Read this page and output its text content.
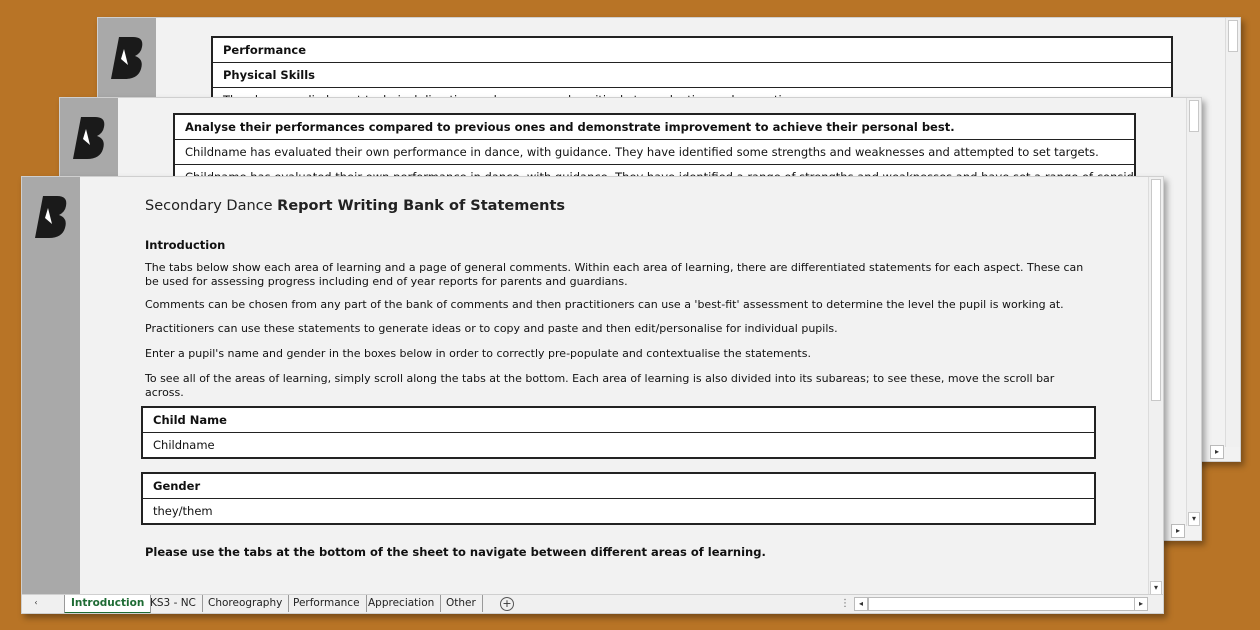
Performance
Physical Skills
▸
Analyse their performances compared to previous ones and demonstrate improvement to achieve their personal best.
Childname has evaluated their own performance in dance, with guidance. They have identified some strengths and weaknesses and attempted to set targets.
▾
▸
Secondary Dance Report Writing Bank of Statements
Introduction
The tabs below show each area of learning and a page of general comments. Within each area of learning, there are differentiated statements for each aspect. These can be used for assessing progress including end of year reports for parents and guardians.
Comments can be chosen from any part of the bank of comments and then practitioners can use a 'best-fit' assessment to determine the level the pupil is working at.
Practitioners can use these statements to generate ideas or to copy and paste and then edit/personalise for individual pupils.
Enter a pupil's name and gender in the boxes below in order to correctly pre-populate and contextualise the statements.
To see all of the areas of learning, simply scroll along the tabs at the bottom. Each area of learning is also divided into its subareas; to see these, move the scroll bar across.
Child Name
Childname
Gender
they/them
Please use the tabs at the bottom of the sheet to navigate between different areas of learning.
▾
‹	Introduction KS3 - NC	Choreography	Performance Appreciation	Other	+	⋮	◂	▸
